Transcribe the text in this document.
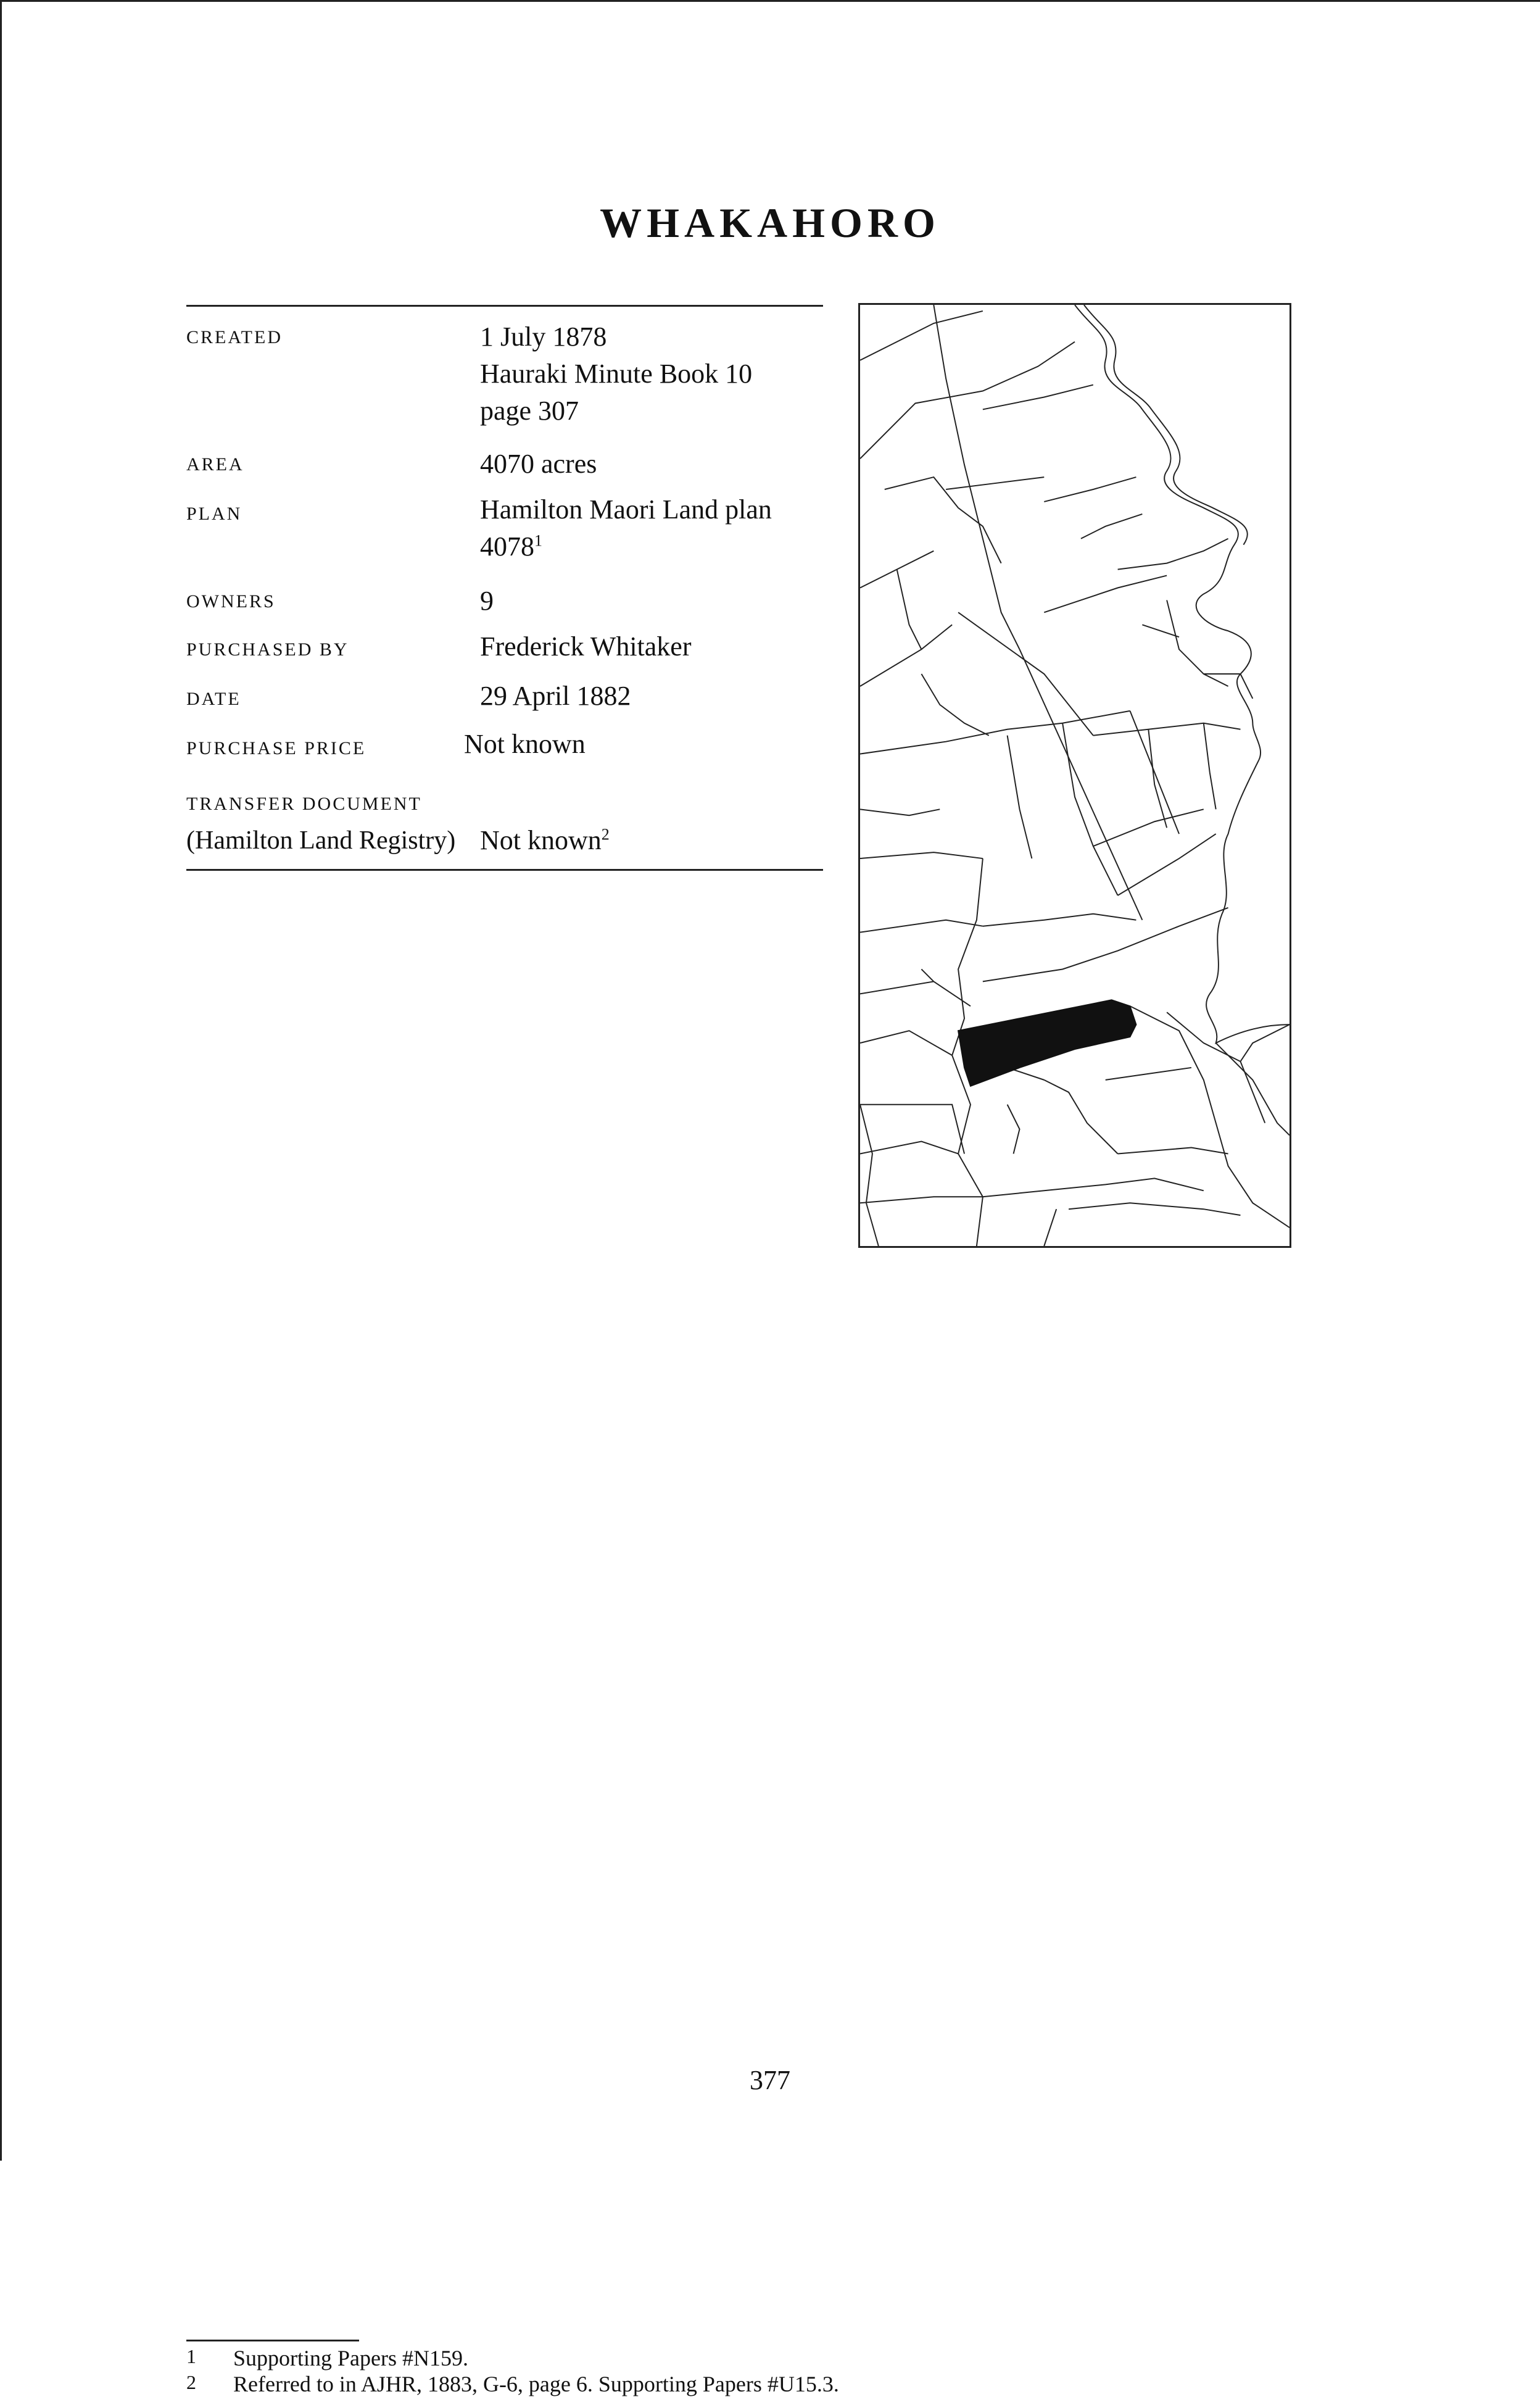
WHAKAHORO
CREATED	1 July 1878
Hauraki Minute Book 10
page 307
AREA	4070 acres
PLAN	Hamilton Maori Land plan
4078$^1$
OWNERS	9
PURCHASED BY	Frederick Whitaker
DATE	29 April 1882
PURCHASE PRICE	Not known
TRANSFER DOCUMENT
(Hamilton Land Registry) Not known$^2$
1 Supporting Papers #N159.
2 Referred to in AJHR, 1883, G-6, page 6. Supporting Papers #U15.3.
377
